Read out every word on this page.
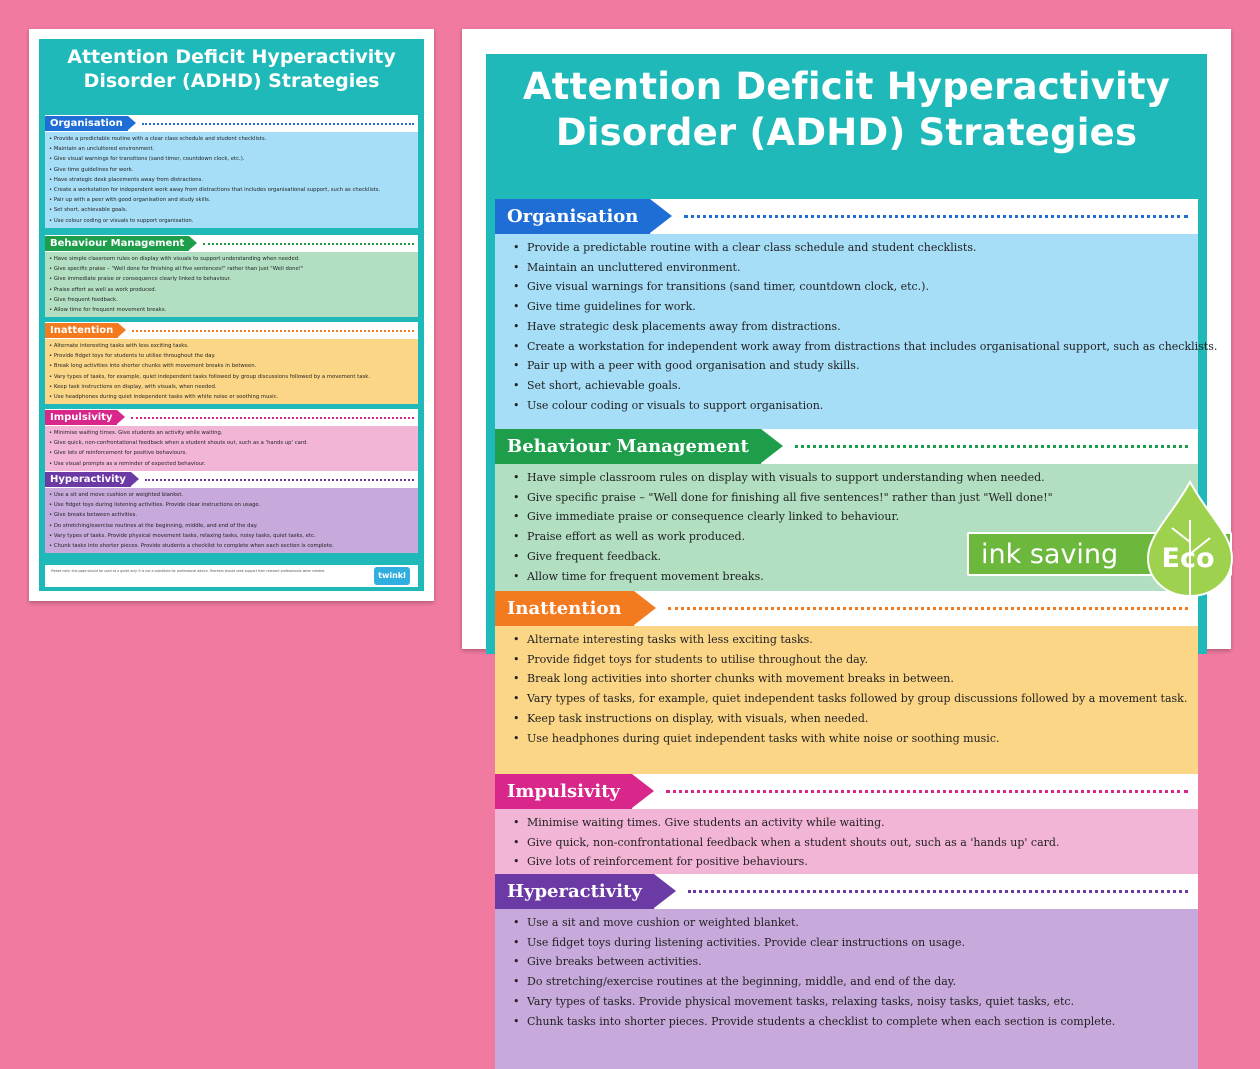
Attention Deficit Hyperactivity
Disorder (ADHD) Strategies
Organisation
• Provide a predictable routine with a clear class schedule and student checklists.
• Maintain an uncluttered environment.
• Give visual warnings for transitions (sand timer, countdown clock, etc.).
• Give time guidelines for work.
• Have strategic desk placements away from distractions.
• Create a workstation for independent work away from distractions that includes organisational support, such as checklists.
• Pair up with a peer with good organisation and study skills.
• Set short, achievable goals.
• Use colour coding or visuals to support organisation.
Behaviour Management
• Have simple classroom rules on display with visuals to support understanding when needed.
• Give specific praise – "Well done for finishing all five sentences!" rather than just "Well done!"
• Give immediate praise or consequence clearly linked to behaviour.
• Praise effort as well as work produced.
• Give frequent feedback.
• Allow time for frequent movement breaks.
Inattention
• Alternate interesting tasks with less exciting tasks.
• Provide fidget toys for students to utilise throughout the day.
• Break long activities into shorter chunks with movement breaks in between.
• Vary types of tasks, for example, quiet independent tasks followed by group discussions followed by a movement task.
• Keep task instructions on display, with visuals, when needed.
• Use headphones during quiet independent tasks with white noise or soothing music.
Impulsivity
• Minimise waiting times. Give students an activity while waiting.
• Give quick, non-confrontational feedback when a student shouts out, such as a 'hands up' card.
• Give lots of reinforcement for positive behaviours.
• Use visual prompts as a reminder of expected behaviour.
Hyperactivity
• Use a sit and move cushion or weighted blanket.
• Use fidget toys during listening activities. Provide clear instructions on usage.
• Give breaks between activities.
• Do stretching/exercise routines at the beginning, middle, and end of the day.
• Vary types of tasks. Provide physical movement tasks, relaxing tasks, noisy tasks, quiet tasks, etc.
• Chunk tasks into shorter pieces. Provide students a checklist to complete when each section is complete.
Please note: this page should be used as a guide only. It is not a substitute for professional advice. Teachers should seek support from relevant professionals when needed.	twinkl
Attention Deficit Hyperactivity
Disorder (ADHD) Strategies
Organisation
• Provide a predictable routine with a clear class schedule and student checklists.
• Maintain an uncluttered environment.
• Give visual warnings for transitions (sand timer, countdown clock, etc.).
• Give time guidelines for work.
• Have strategic desk placements away from distractions.
• Create a workstation for independent work away from distractions that includes organisational support, such as checklists.
• Pair up with a peer with good organisation and study skills.
• Set short, achievable goals.
• Use colour coding or visuals to support organisation.
Behaviour Management
• Have simple classroom rules on display with visuals to support understanding when needed.
• Give specific praise – "Well done for finishing all five sentences!" rather than just "Well done!"
• Give immediate praise or consequence clearly linked to behaviour.
• Praise effort as well as work produced.
• Give frequent feedback.
• Allow time for frequent movement breaks.
Inattention
• Alternate interesting tasks with less exciting tasks.
• Provide fidget toys for students to utilise throughout the day.
• Break long activities into shorter chunks with movement breaks in between.
• Vary types of tasks, for example, quiet independent tasks followed by group discussions followed by a movement task.
• Keep task instructions on display, with visuals, when needed.
• Use headphones during quiet independent tasks with white noise or soothing music.
Impulsivity
• Minimise waiting times. Give students an activity while waiting.
• Give quick, non-confrontational feedback when a student shouts out, such as a 'hands up' card.
• Give lots of reinforcement for positive behaviours.
•
Hyperactivity
• Use a sit and move cushion or weighted blanket.
• Use fidget toys during listening activities. Provide clear instructions on usage.
• Give breaks between activities.
• Do stretching/exercise routines at the beginning, middle, and end of the day.
• Vary types of tasks. Provide physical movement tasks, relaxing tasks, noisy tasks, quiet tasks, etc.
• Chunk tasks into shorter pieces. Provide students a checklist to complete when each section is complete.
ink saving	Eco
